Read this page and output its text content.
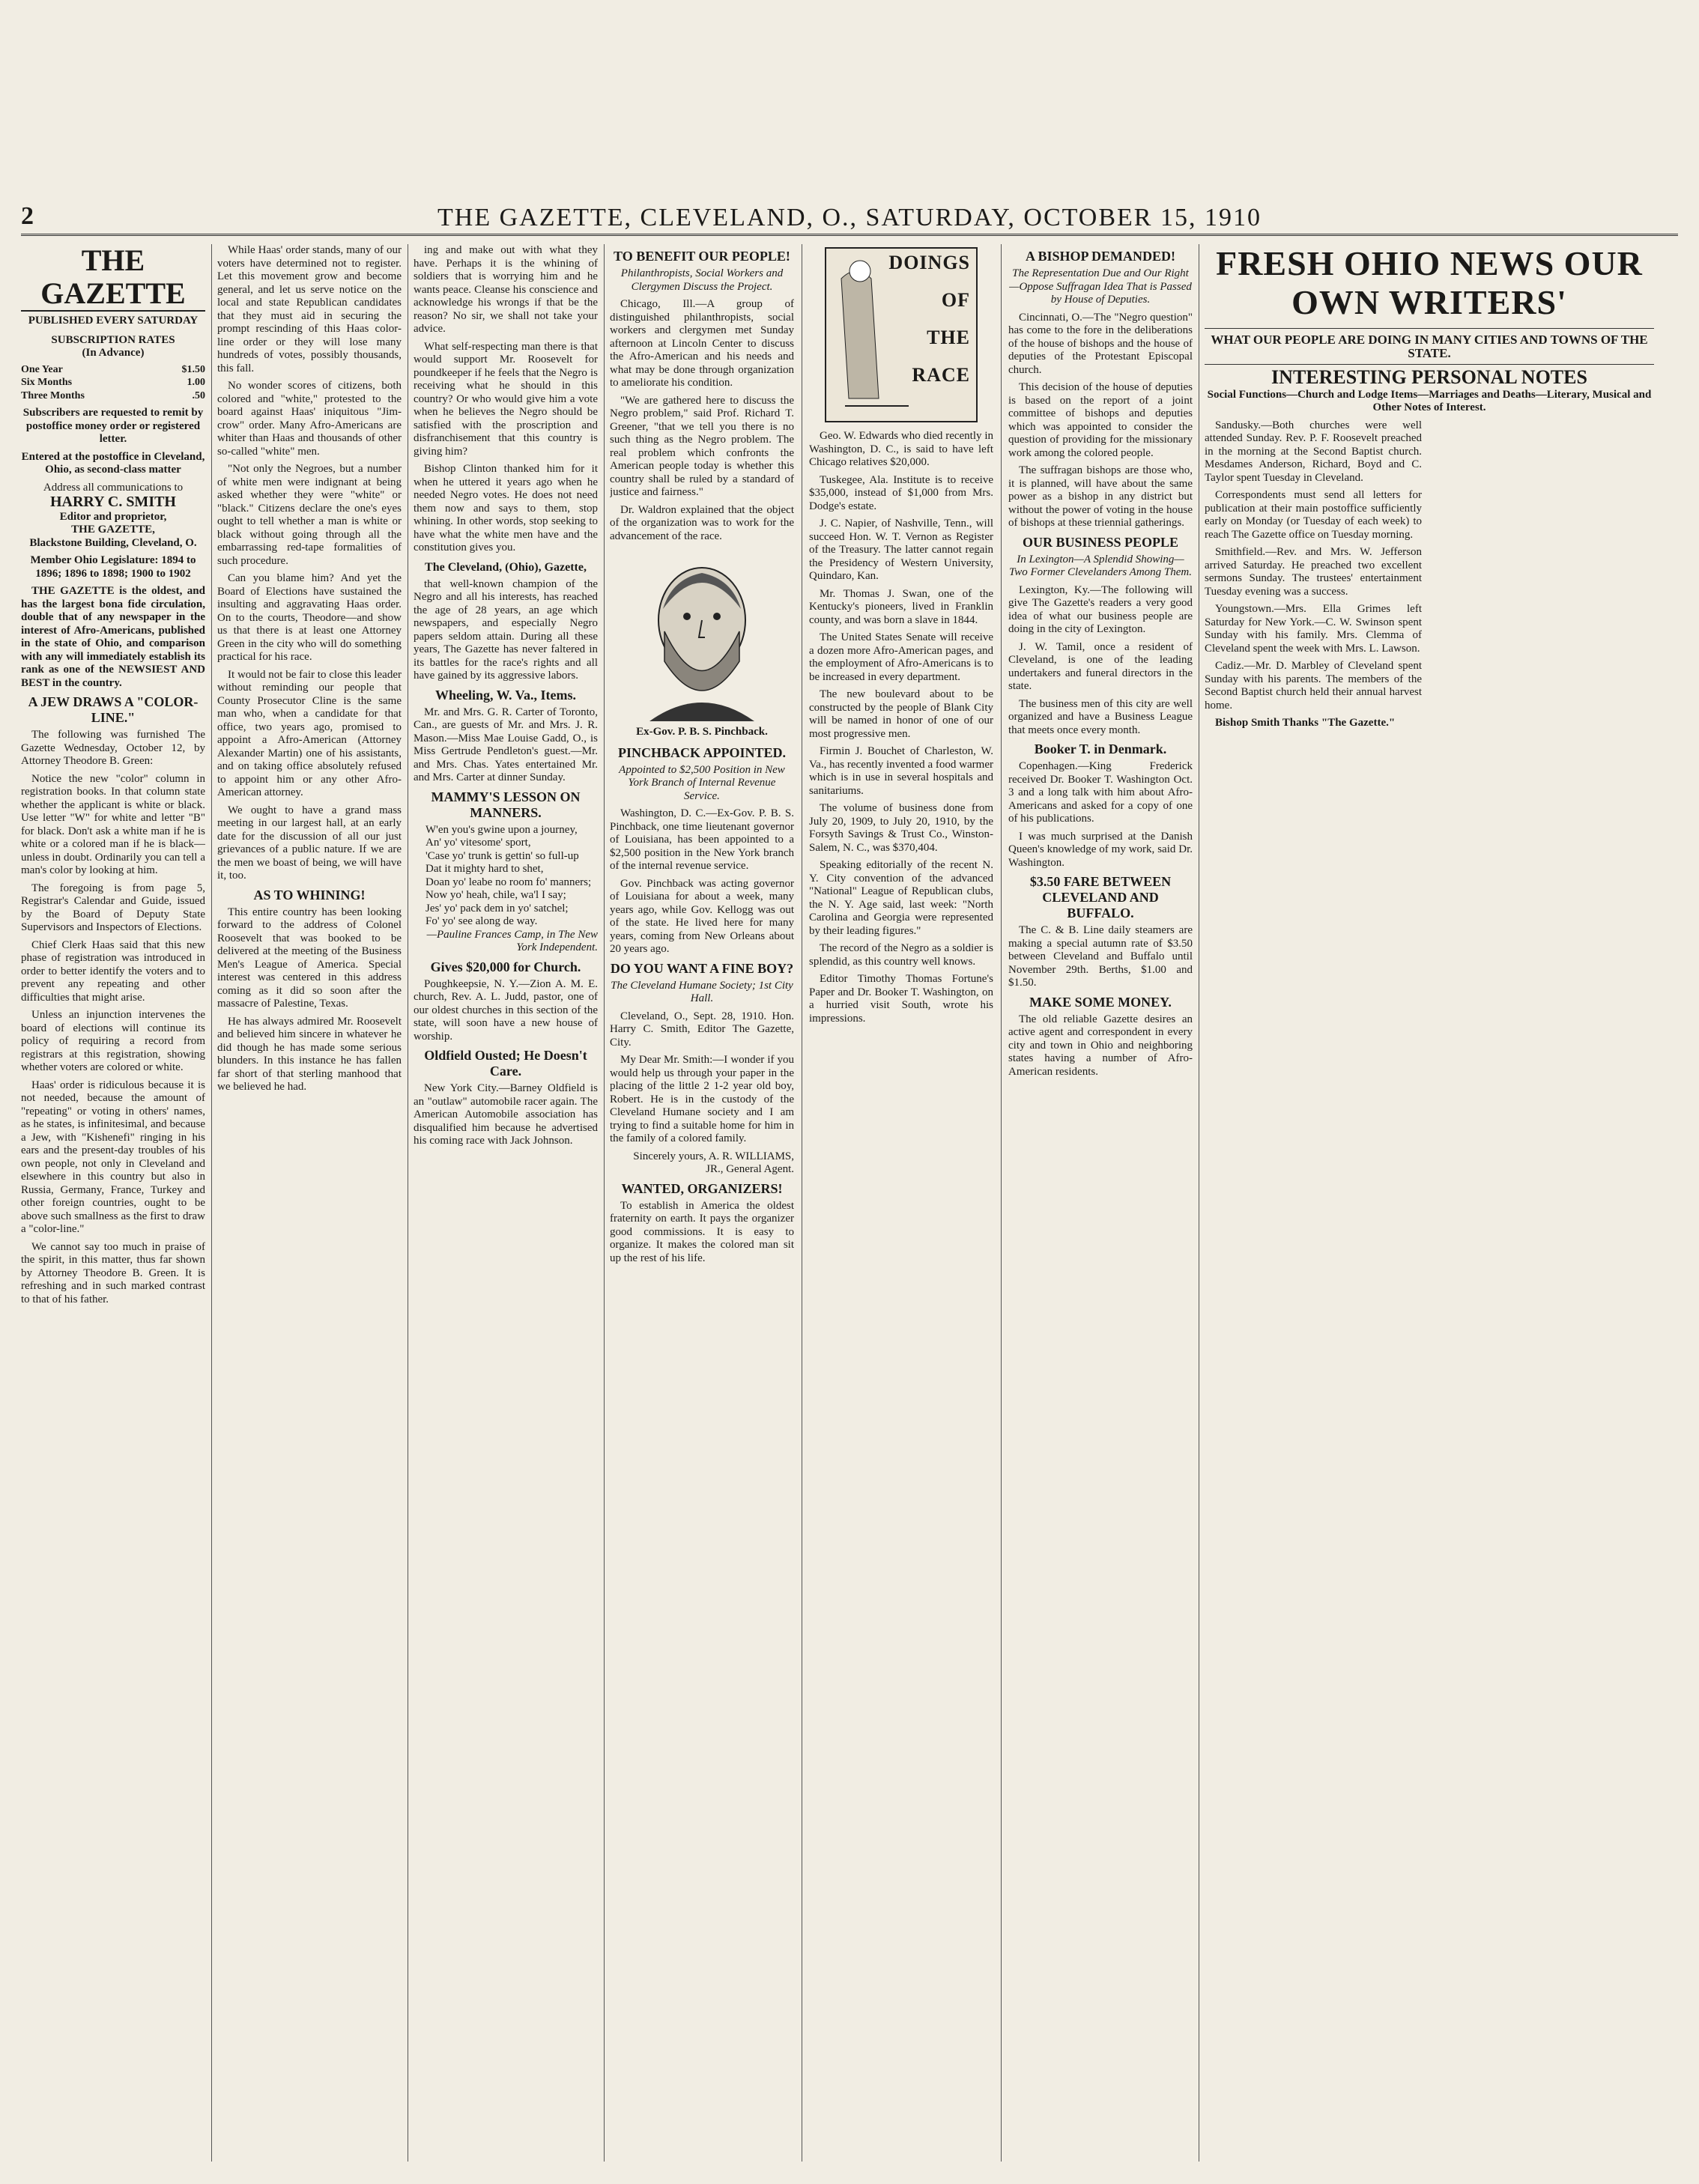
2	THE GAZETTE, CLEVELAND, O., SATURDAY, OCTOBER 15, 1910
THE GAZETTE
PUBLISHED EVERY SATURDAY
SUBSCRIPTION RATES
(In Advance)
One Year	$1.50
Six Months	1.00
Three Months	.50

Subscribers are requested to remit by postoffice money order or registered letter.

Entered at the postoffice in Cleveland, Ohio, as second-class matter

Address all communications to

HARRY C. SMITH
Editor and proprietor,
THE GAZETTE,
Blackstone Building, Cleveland, O.

Member Ohio Legislature: 1894 to 1896; 1896 to 1898; 1900 to 1902

THE GAZETTE is the oldest, and has the largest bona fide circulation, double that of any newspaper in the interest of Afro-Americans, published in the state of Ohio, and comparison with any will immediately establish its rank as one of the NEWSIEST AND BEST in the country.

A JEW DRAWS A "COLOR-LINE."

The following was furnished The Gazette Wednesday, October 12, by Attorney Theodore B. Green:

Notice the new "color" column in registration books. In that column state whether the applicant is white or black. Use letter "W" for white and letter "B" for black. Don't ask a white man if he is white or a colored man if he is black—unless in doubt. Ordinarily you can tell a man's color by looking at him.

The foregoing is from page 5, Registrar's Calendar and Guide, issued by the Board of Deputy State Supervisors and Inspectors of Elections.

Chief Clerk Haas said that this new phase of registration was introduced in order to better identify the voters and to prevent any repeating and other difficulties that might arise.

Unless an injunction intervenes the board of elections will continue its policy of requiring a record from registrars at this registration, showing whether voters are colored or white.

Haas' order is ridiculous because it is not needed, because the amount of "repeating" or voting in others' names, as he states, is infinitesimal, and because a Jew, with "Kishenefi" ringing in his ears and the present-day troubles of his own people, not only in Cleveland and elsewhere in this country but also in Russia, Germany, France, Turkey and other foreign countries, ought to be above such smallness as the first to draw a "color-line."

We cannot say too much in praise of the spirit, in this matter, thus far shown by Attorney Theodore B. Green. It is refreshing and in such marked contrast to that of his father.

While Haas' order stands, many of our voters have determined not to register. Let this movement grow and become general, and let us serve notice on the local and state Republican candidates that they must aid in securing the prompt rescinding of this Haas color-line order or they will lose many hundreds of votes, possibly thousands, this fall.

No wonder scores of citizens, both colored and "white," protested to the board against Haas' iniquitous "Jim-crow" order. Many Afro-Americans are whiter than Haas and thousands of other so-called "white" men.

"Not only the Negroes, but a number of white men were indignant at being asked whether they were "white" or "black." Citizens declare the one's eyes ought to tell whether a man is white or black without going through all the embarrassing red-tape formalities of such procedure.

Can you blame him? And yet the Board of Elections have sustained the insulting and aggravating Haas order. On to the courts, Theodore—and show us that there is at least one Attorney Green in the city who will do something practical for his race.

It would not be fair to close this leader without reminding our people that County Prosecutor Cline is the same man who, when a candidate for that office, two years ago, promised to appoint a Afro-American (Attorney Alexander Martin) one of his assistants, and on taking office absolutely refused to appoint him or any other Afro-American attorney.

We ought to have a grand mass meeting in our largest hall, at an early date for the discussion of all our just grievances of a public nature. If we are the men we boast of being, we will have it, too.

AS TO WHINING!

This entire country has been looking forward to the address of Colonel Roosevelt that was booked to be delivered at the meeting of the Business Men's League of America. Special interest was centered in this address coming as it did so soon after the massacre of Palestine, Texas.

He has always admired Mr. Roosevelt and believed him sincere in whatever he did though he has made some serious blunders. In this instance he has fallen far short of that sterling manhood that we believed he had.

ing and make out with what they have. Perhaps it is the whining of soldiers that is worrying him and he wants peace. Cleanse his conscience and acknowledge his wrongs if that be the reason? No sir, we shall not take your advice.

What self-respecting man there is that would support Mr. Roosevelt for poundkeeper if he feels that the Negro is receiving what he should in this country? Or who would give him a vote when he believes the Negro should be satisfied with the proscription and disfranchisement that this country is giving him?

Bishop Clinton thanked him for it when he uttered it years ago when he needed Negro votes. He does not need them now and says to them, stop whining. In other words, stop seeking to have what the white men have and the constitution gives you.

The Cleveland, (Ohio), Gazette,

that well-known champion of the Negro and all his interests, has reached the age of 28 years, an age which newspapers, and especially Negro papers seldom attain. During all these years, The Gazette has never faltered in its battles for the race's rights and all have gained by its aggressive labors.

Wheeling, W. Va., Items.

Mr. and Mrs. G. R. Carter of Toronto, Can., are guests of Mr. and Mrs. J. R. Mason.—Miss Mae Louise Gadd, O., is Miss Gertrude Pendleton's guest.—Mr. and Mrs. Chas. Yates entertained Mr. and Mrs. Carter at dinner Sunday.

MAMMY'S LESSON ON MANNERS.
W'en you's gwine upon a journey,
An' yo' vitesome' sport,
'Case yo' trunk is gettin' so full-up
Dat it mighty hard to shet,
Doan yo' leabe no room fo' manners;
Now yo' heah, chile, wa'l I say;
Jes' yo' pack dem in yo' satchel;
Fo' yo' see along de way.

—Pauline Frances Camp, in The New York Independent.

Gives $20,000 for Church.

Poughkeepsie, N. Y.—Zion A. M. E. church, Rev. A. L. Judd, pastor, one of our oldest churches in this section of the state, will soon have a new house of worship.

Oldfield Ousted; He Doesn't Care.

New York City.—Barney Oldfield is an "outlaw" automobile racer again. The American Automobile association has disqualified him because he advertised his coming race with Jack Johnson.

TO BENEFIT OUR PEOPLE!
Philanthropists, Social Workers and Clergymen Discuss the Project.

Chicago, Ill.—A group of distinguished philanthropists, social workers and clergymen met Sunday afternoon at Lincoln Center to discuss the Afro-American and his needs and what may be done through organization to ameliorate his condition.

"We are gathered here to discuss the Negro problem," said Prof. Richard T. Greener, "that we tell you there is no such thing as the Negro problem. The real problem which confronts the American people today is whether this country shall be ruled by a standard of justice and fairness."

Dr. Waldron explained that the object of the organization was to work for the advancement of the race.

Ex-Gov. P. B. S. Pinchback.
PINCHBACK APPOINTED.
Appointed to $2,500 Position in New York Branch of Internal Revenue Service.

Washington, D. C.—Ex-Gov. P. B. S. Pinchback, one time lieutenant governor of Louisiana, has been appointed to a $2,500 position in the New York branch of the internal revenue service.

Gov. Pinchback was acting governor of Louisiana for about a week, many years ago, while Gov. Kellogg was out of the state. He lived here for many years, coming from New Orleans about 20 years ago.

DO YOU WANT A FINE BOY?
The Cleveland Humane Society; 1st City Hall.

Cleveland, O., Sept. 28, 1910. Hon. Harry C. Smith, Editor The Gazette, City.

My Dear Mr. Smith:—I wonder if you would help us through your paper in the placing of the little 2 1-2 year old boy, Robert. He is in the custody of the Cleveland Humane society and I am trying to find a suitable home for him in the family of a colored family.

Sincerely yours, A. R. WILLIAMS, JR., General Agent.

WANTED, ORGANIZERS!

To establish in America the oldest fraternity on earth. It pays the organizer good commissions. It is easy to organize. It makes the colored man sit up the rest of his life.

DOINGS
OF
THE
RACE

Geo. W. Edwards who died recently in Washington, D. C., is said to have left Chicago relatives $20,000.

Tuskegee, Ala. Institute is to receive $35,000, instead of $1,000 from Mrs. Dodge's estate.

J. C. Napier, of Nashville, Tenn., will succeed Hon. W. T. Vernon as Register of the Treasury. The latter cannot regain the Presidency of Western University, Quindaro, Kan.

Mr. Thomas J. Swan, one of the Kentucky's pioneers, lived in Franklin county, and was born a slave in 1844.

The United States Senate will receive a dozen more Afro-American pages, and the employment of Afro-Americans is to be increased in every department.

The new boulevard about to be constructed by the people of Blank City will be named in honor of one of our most progressive men.

Firmin J. Bouchet of Charleston, W. Va., has recently invented a food warmer which is in use in several hospitals and sanitariums.

The volume of business done from July 20, 1909, to July 20, 1910, by the Forsyth Savings & Trust Co., Winston-Salem, N. C., was $370,404.

Speaking editorially of the recent N. Y. City convention of the advanced "National" League of Republican clubs, the N. Y. Age said, last week: "North Carolina and Georgia were represented by their leading figures."

The record of the Negro as a soldier is splendid, as this country well knows.

Editor Timothy Thomas Fortune's Paper and Dr. Booker T. Washington, on a hurried visit South, wrote his impressions.

A BISHOP DEMANDED!
The Representation Due and Our Right—Oppose Suffragan Idea That is Passed by House of Deputies.

Cincinnati, O.—The "Negro question" has come to the fore in the deliberations of the house of bishops and the house of deputies of the Protestant Episcopal church.

This decision of the house of deputies is based on the report of a joint committee of bishops and deputies which was appointed to consider the question of providing for the missionary work among the colored people.

The suffragan bishops are those who, it is planned, will have about the same power as a bishop in any district but without the power of voting in the house of bishops at these triennial gatherings.

OUR BUSINESS PEOPLE
In Lexington—A Splendid Showing—Two Former Clevelanders Among Them.

Lexington, Ky.—The following will give The Gazette's readers a very good idea of what our business people are doing in the city of Lexington.

J. W. Tamil, once a resident of Cleveland, is one of the leading undertakers and funeral directors in the state.

The business men of this city are well organized and have a Business League that meets once every month.

Booker T. in Denmark.

Copenhagen.—King Frederick received Dr. Booker T. Washington Oct. 3 and a long talk with him about Afro-Americans and asked for a copy of one of his publications.

I was much surprised at the Danish Queen's knowledge of my work, said Dr. Washington.

$3.50 FARE BETWEEN CLEVELAND AND BUFFALO.

The C. & B. Line daily steamers are making a special autumn rate of $3.50 between Cleveland and Buffalo until November 29th. Berths, $1.00 and $1.50.

MAKE SOME MONEY.

The old reliable Gazette desires an active agent and correspondent in every city and town in Ohio and neighboring states having a number of Afro-American residents.

FRESH OHIO NEWS OUR OWN WRITERS'
WHAT OUR PEOPLE ARE DOING IN MANY CITIES AND TOWNS OF THE STATE.
INTERESTING PERSONAL NOTES
Social Functions—Church and Lodge Items—Marriages and Deaths—Literary, Musical and Other Notes of Interest.

Sandusky.—Both churches were well attended Sunday. Rev. P. F. Roosevelt preached in the morning at the Second Baptist church. Mesdames Anderson, Richard, Boyd and C. Taylor spent Tuesday in Cleveland.

Correspondents must send all letters for publication at their main postoffice sufficiently early on Monday (or Tuesday of each week) to reach The Gazette office on Tuesday morning.

Smithfield.—Rev. and Mrs. W. Jefferson arrived Saturday. He preached two excellent sermons Sunday. The trustees' entertainment Tuesday evening was a success.

Youngstown.—Mrs. Ella Grimes left Saturday for New York.—C. W. Swinson spent Sunday with his family. Mrs. Clemma of Cleveland spent the week with Mrs. L. Lawson.

Cadiz.—Mr. D. Marbley of Cleveland spent Sunday with his parents. The members of the Second Baptist church held their annual harvest home.

Bishop Smith Thanks "The Gazette."
